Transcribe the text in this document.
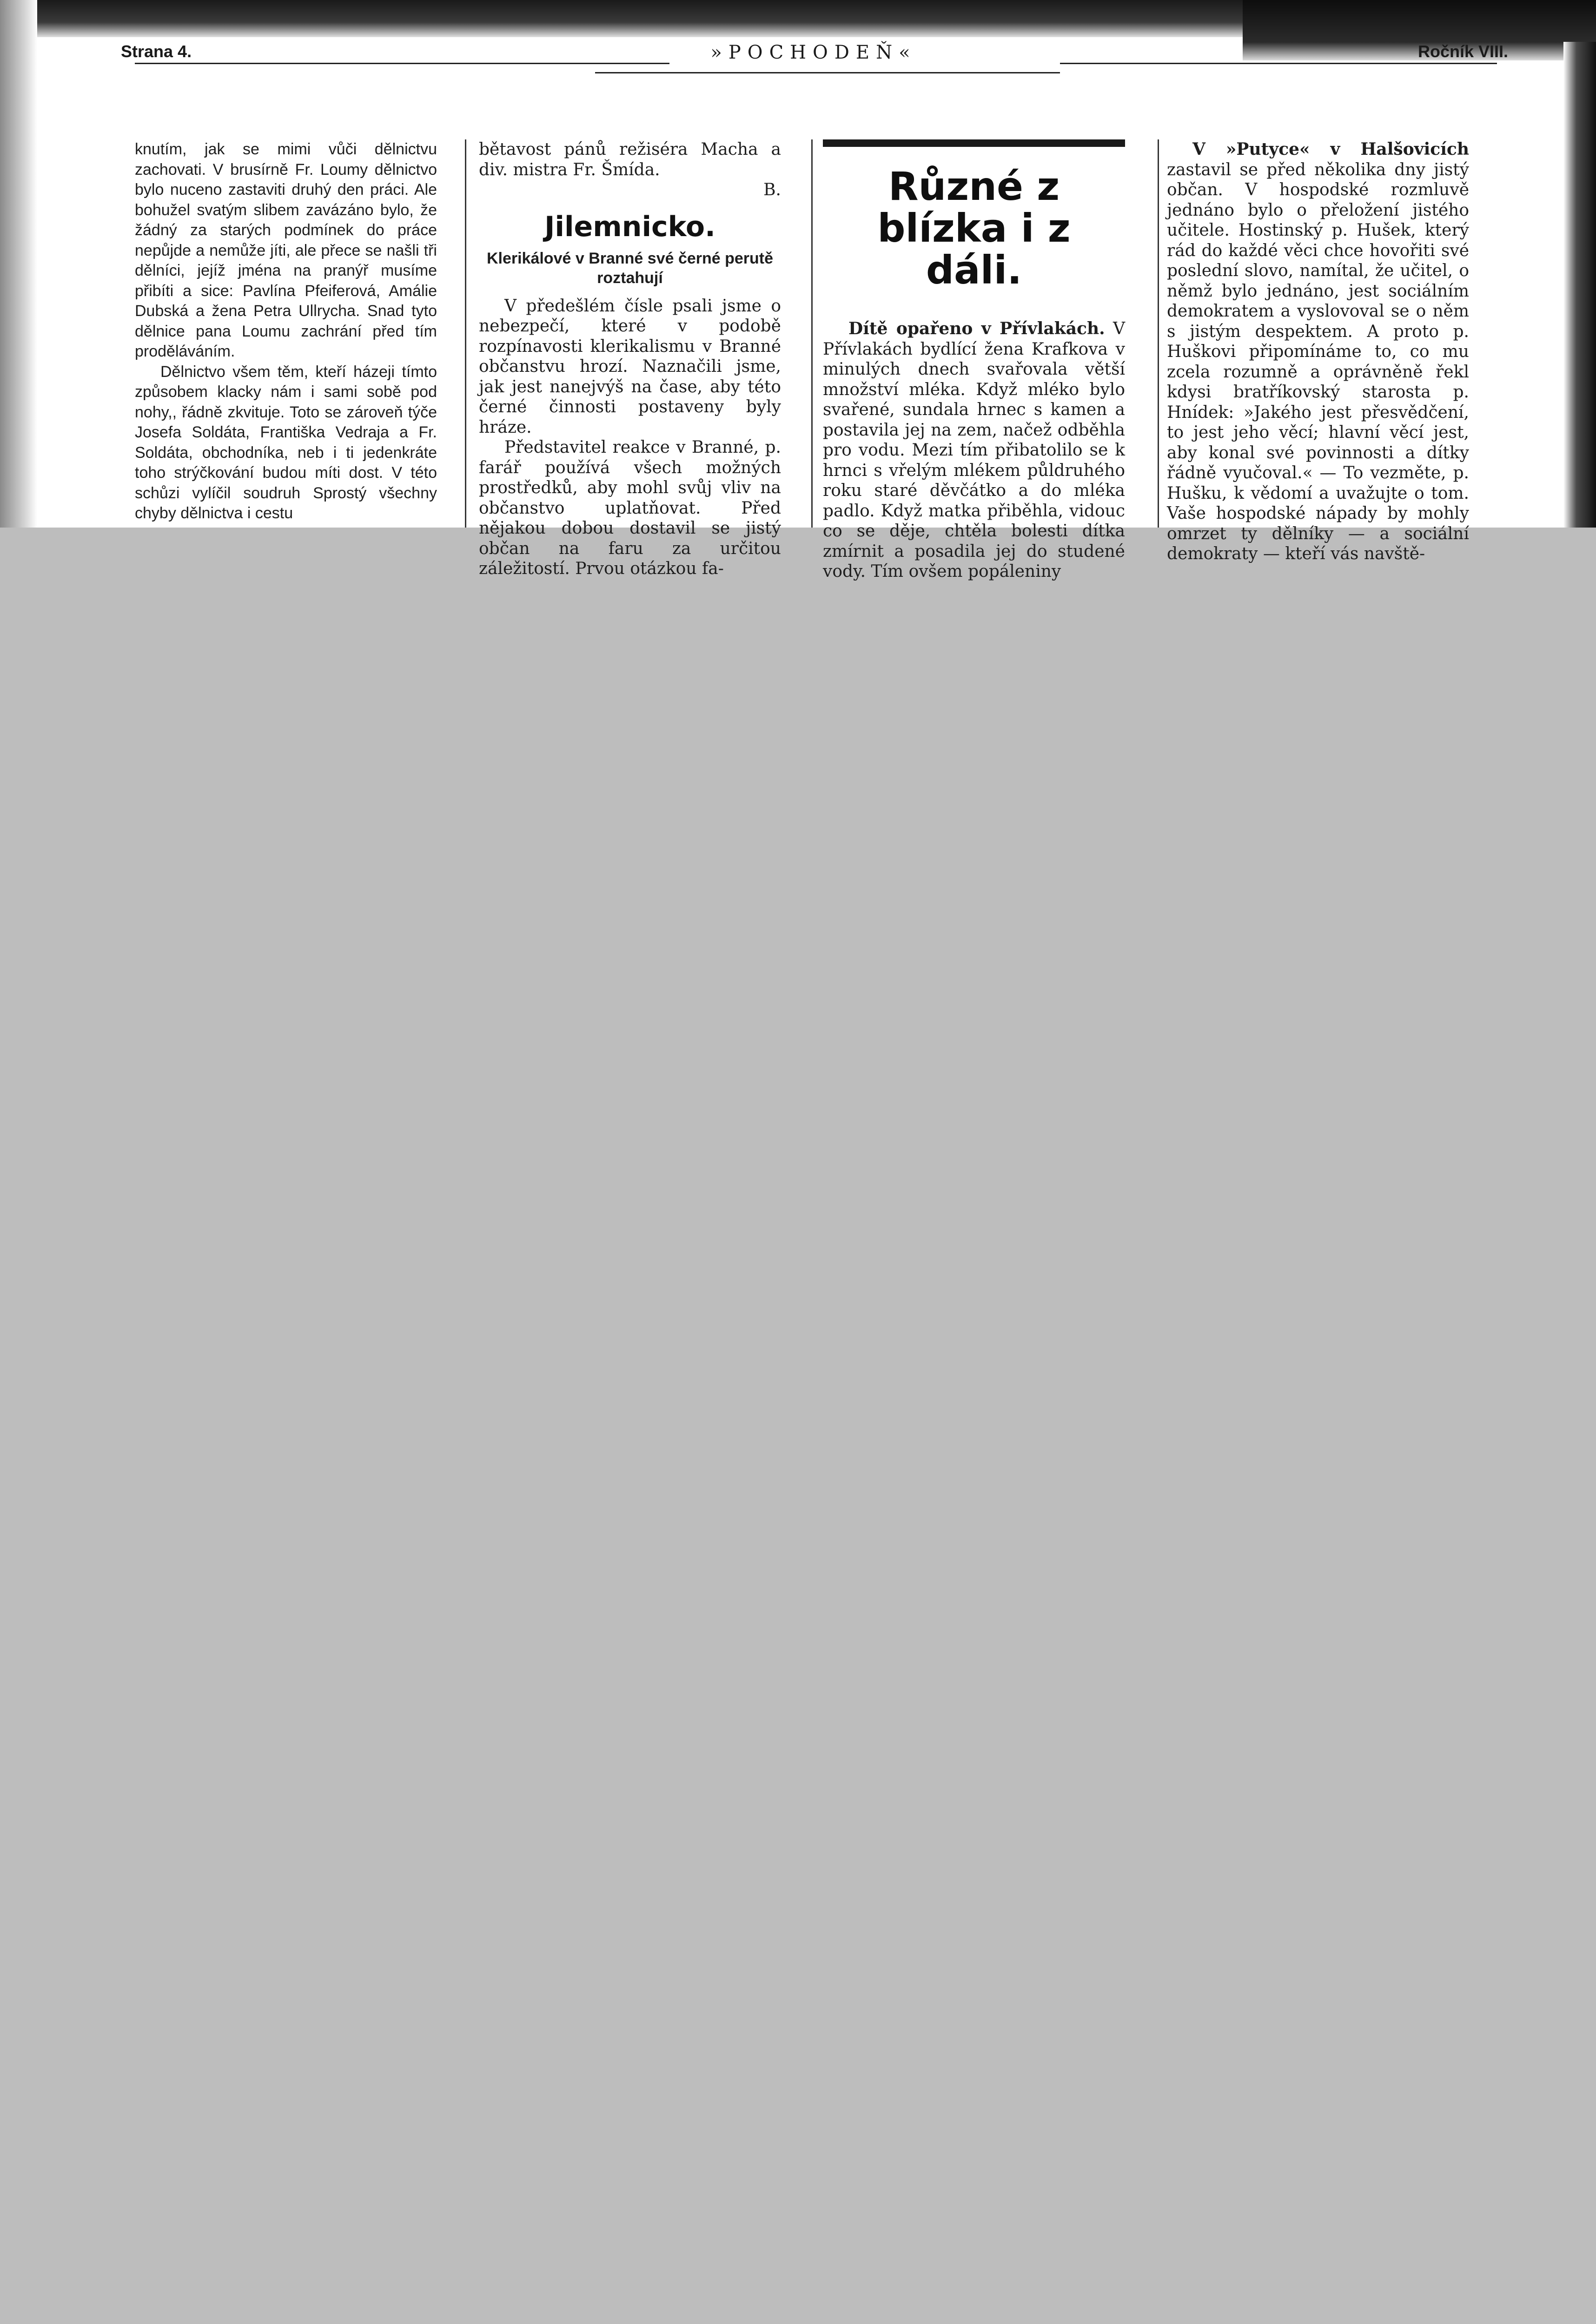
Strana 4.	»POCHODEŇ«	Ročník VIII.

knutím, jak se mimi vůči dělnictvu zachovati. V brusírně Fr. Loumy dělnictvo bylo nuceno zastaviti druhý den práci. Ale bohužel svatým slibem zavázáno bylo, že žádný za starých podmínek do práce nepůjde a nemůže jíti, ale přece se našli tři dělníci, jejíž jména na pranýř musíme přibíti a sice: Pavlína Pfeiferová, Amálie Dubská a žena Petra Ullrycha. Snad tyto dělnice pana Loumu zachrání před tím proděláváním.

Dělnictvo všem těm, kteří házeji tímto způsobem klacky nám i sami sobě pod nohy,, řádně zkvituje. Toto se zároveň týče Josefa Soldáta, Františka Vedraja a Fr. Soldáta, obchodníka, neb i ti jedenkráte toho strýčkování budou míti dost. V této schůzi vylíčil soudruh Sprostý všechny chyby dělnictva i cestu

bětavost pánů režiséra Macha a div. mistra Fr. Šmída.

B.

Jilemnicko.
Klerikálové v Branné své černé perutě roztahují

V předešlém čísle psali jsme o nebezpečí, které v podobě rozpínavosti klerikalismu v Branné občanstvu hrozí. Naznačili jsme, jak jest nanejvýš na čase, aby této černé činnosti postaveny byly hráze.

Představitel reakce v Branné, p. farář používá všech možných prostředků, aby mohl svůj vliv na občanstvo uplatňovat. Před nějakou dobou dostavil se jistý občan na faru za určitou záležitostí. Prvou otázkou fa-

Různé z blízka i z dáli.

Dítě opařeno v Přívlakách. V Přívlakách bydlící žena Krafkova v minulých dnech svařovala větší množství mléka. Když mléko bylo svařené, sundala hrnec s kamen a postavila jej na zem, načež odběhla pro vodu. Mezi tím přibatolilo se k hrnci s vřelým mlékem půldruhého roku staré děvčátko a do mléka padlo. Když matka přiběhla, vidouc co se děje, chtěla bolesti dítka zmírnit a posadila jej do studené vody. Tím ovšem popáleniny

V »Putyce« v Halšovicích zastavil se před několika dny jistý občan. V hospodské rozmluvě jednáno bylo o přeložení jistého učitele. Hostinský p. Hušek, který rád do každé věci chce hovořiti své poslední slovo, namítal, že učitel, o němž bylo jednáno, jest sociálním demokratem a vyslovoval se o něm s jistým despektem. A proto p. Huškovi připomínáme to, co mu zcela rozumně a oprávněně řekl kdysi bratříkovský starosta p. Hnídek: »Jakého jest přesvědčení, to jest jeho věcí; hlavní věcí jest, aby konal své povinnosti a dítky řádně vyučoval.« — To vezměte, p. Hušku, k vědomí a uvažujte o tom. Vaše hospodské nápady by mohly omrzet ty dělníky — a sociální demokraty — kteří vás navště-
